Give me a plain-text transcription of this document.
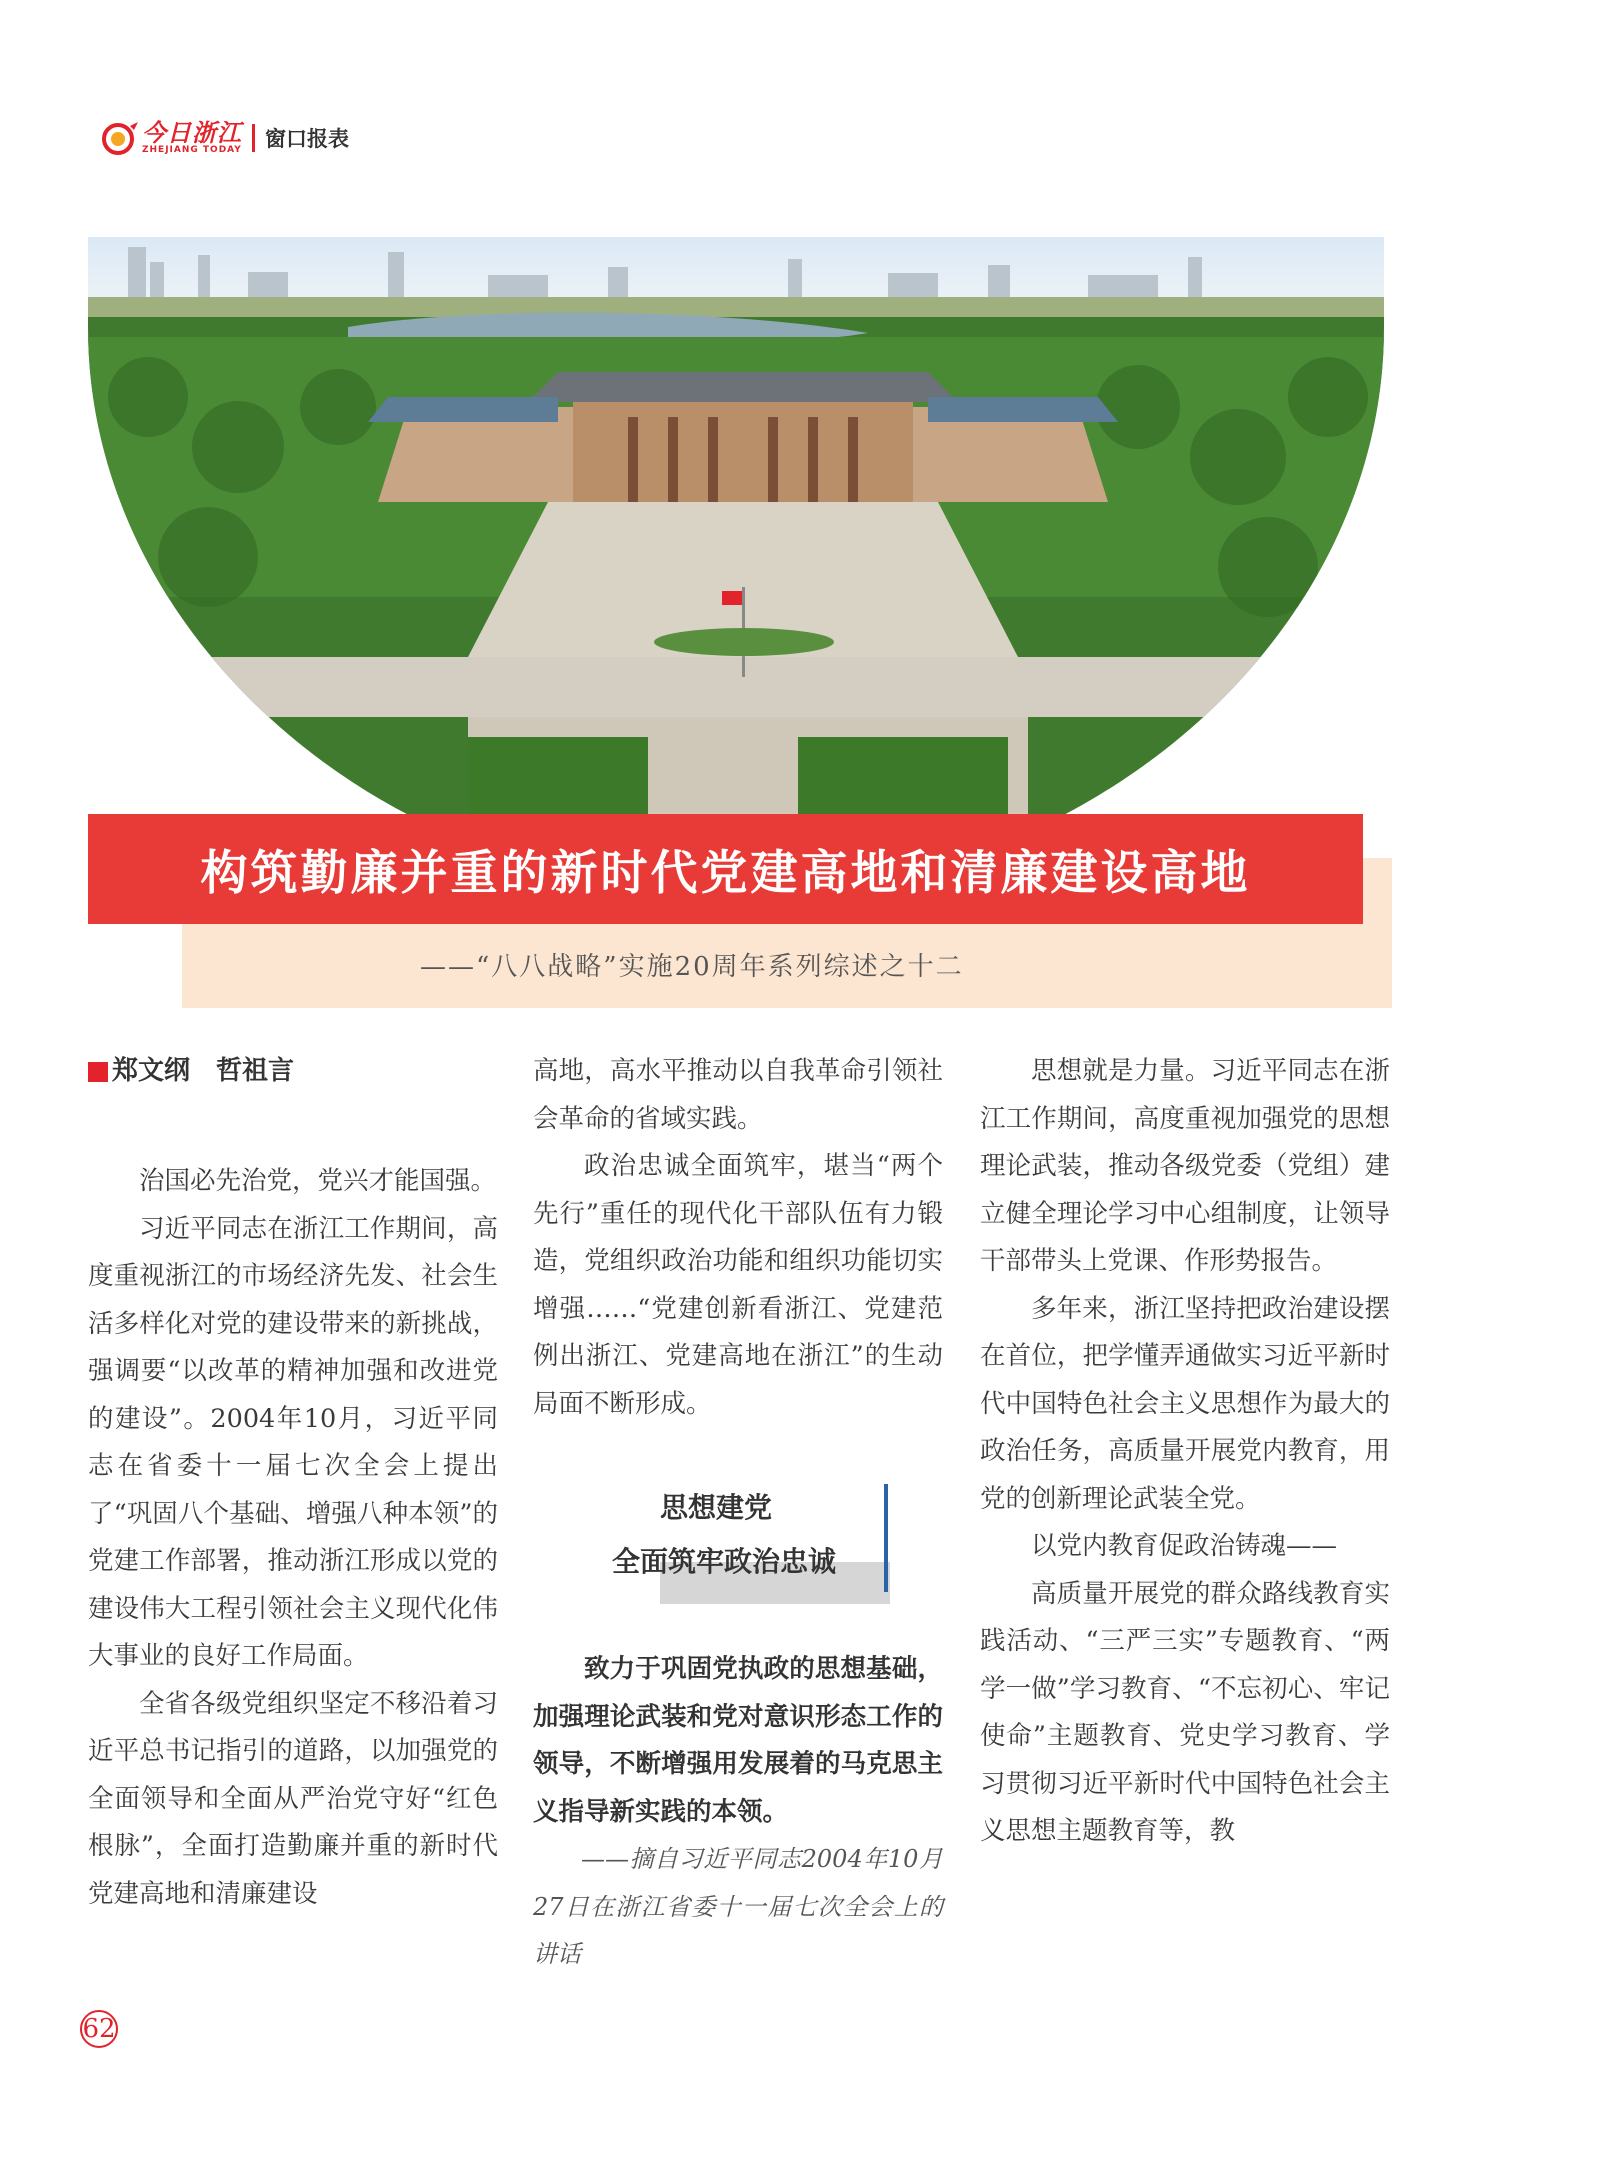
今日浙江
ZHEJIANG TODAY 窗口报表
构筑勤廉并重的新时代党建高地和清廉建设高地
——“八八战略”实施20周年系列综述之十二
郑文纲　哲祖言

治国必先治党，党兴才能国强。

习近平同志在浙江工作期间，高度重视浙江的市场经济先发、社会生活多样化对党的建设带来的新挑战，强调要“以改革的精神加强和改进党的建设”。2004年10月，习近平同志在省委十一届七次全会上提出了“巩固八个基础、增强八种本领”的党建工作部署，推动浙江形成以党的建设伟大工程引领社会主义现代化伟大事业的良好工作局面。

全省各级党组织坚定不移沿着习近平总书记指引的道路，以加强党的全面领导和全面从严治党守好“红色根脉”，全面打造勤廉并重的新时代党建高地和清廉建设

高地，高水平推动以自我革命引领社会革命的省域实践。

政治忠诚全面筑牢，堪当“两个先行”重任的现代化干部队伍有力锻造，党组织政治功能和组织功能切实增强……“党建创新看浙江、党建范例出浙江、党建高地在浙江”的生动局面不断形成。

思想建党
全面筑牢政治忠诚

致力于巩固党执政的思想基础，加强理论武装和党对意识形态工作的领导，不断增强用发展着的马克思主义指导新实践的本领。

——摘自习近平同志2004年10月27日在浙江省委十一届七次全会上的讲话

思想就是力量。习近平同志在浙江工作期间，高度重视加强党的思想理论武装，推动各级党委（党组）建立健全理论学习中心组制度，让领导干部带头上党课、作形势报告。

多年来，浙江坚持把政治建设摆在首位，把学懂弄通做实习近平新时代中国特色社会主义思想作为最大的政治任务，高质量开展党内教育，用党的创新理论武装全党。

以党内教育促政治铸魂——

高质量开展党的群众路线教育实践活动、“三严三实”专题教育、“两学一做”学习教育、“不忘初心、牢记使命”主题教育、党史学习教育、学习贯彻习近平新时代中国特色社会主义思想主题教育等，教

62
